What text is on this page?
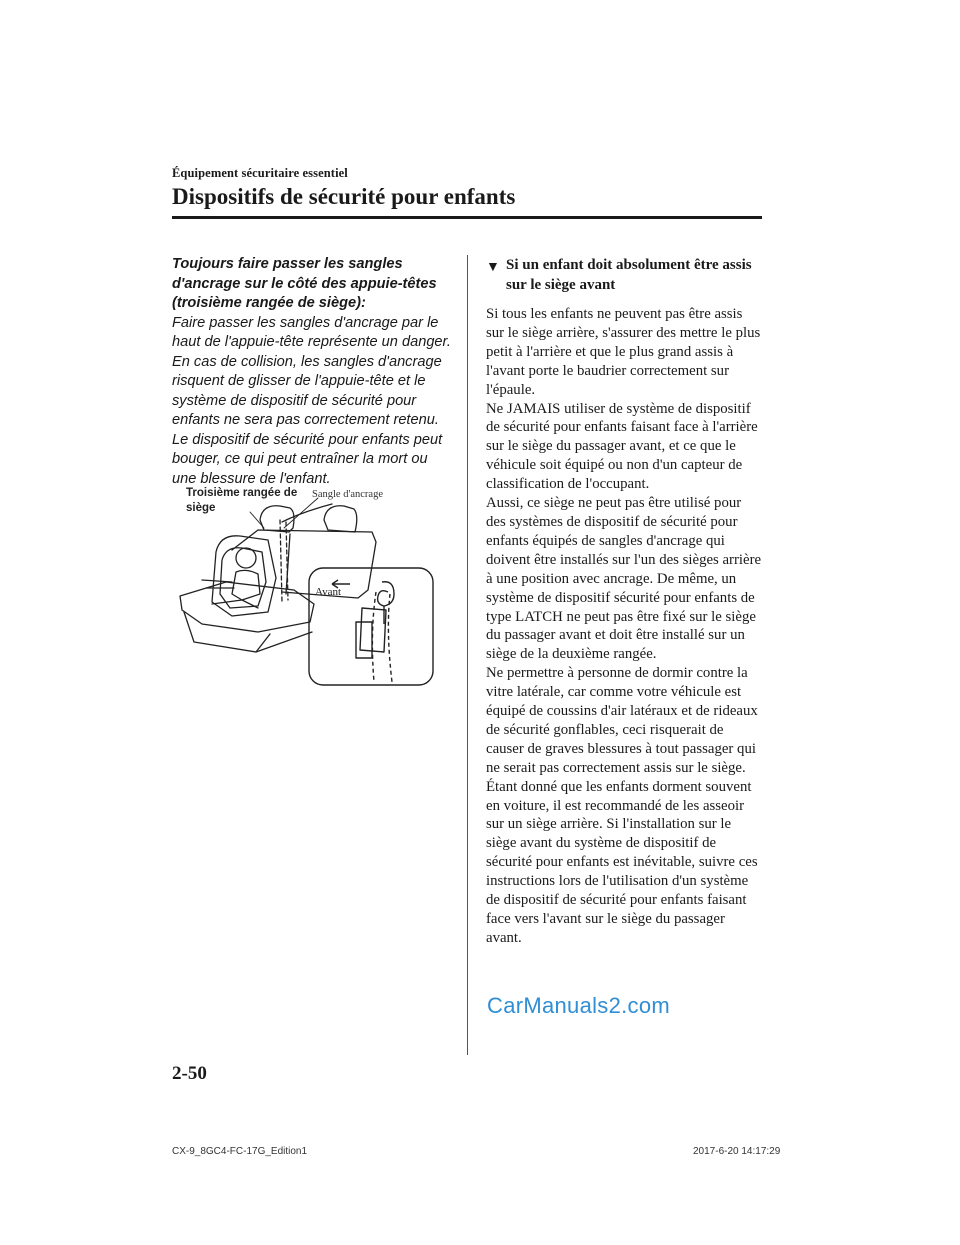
Équipement sécuritaire essentiel
Dispositifs de sécurité pour enfants

Toujours faire passer les sangles d'ancrage sur le côté des appuie-têtes (troisième rangée de siège):

Faire passer les sangles d'ancrage par le haut de l'appuie-tête représente un danger. En cas de collision, les sangles d'ancrage risquent de glisser de l'appuie-tête et le système de dispositif de sécurité pour enfants ne sera pas correctement retenu. Le dispositif de sécurité pour enfants peut bouger, ce qui peut entraîner la mort ou une blessure de l'enfant.

Troisième rangée de siège
Sangle d'ancrage
Avant
▼ Si un enfant doit absolument être assis sur le siège avant

Si tous les enfants ne peuvent pas être assis sur le siège arrière, s'assurer des mettre le plus petit à l'arrière et que le plus grand assis à l'avant porte le baudrier correctement sur l'épaule.
Ne JAMAIS utiliser de système de dispositif de sécurité pour enfants faisant face à l'arrière sur le siège du passager avant, et ce que le véhicule soit équipé ou non d'un capteur de classification de l'occupant.
Aussi, ce siège ne peut pas être utilisé pour des systèmes de dispositif de sécurité pour enfants équipés de sangles d'ancrage qui doivent être installés sur l'un des sièges arrière à une position avec ancrage. De même, un système de dispositif sécurité pour enfants de type LATCH ne peut pas être fixé sur le siège du passager avant et doit être installé sur un siège de la deuxième rangée.
Ne permettre à personne de dormir contre la vitre latérale, car comme votre véhicule est équipé de coussins d'air latéraux et de rideaux de sécurité gonflables, ceci risquerait de causer de graves blessures à tout passager qui ne serait pas correctement assis sur le siège. Étant donné que les enfants dorment souvent en voiture, il est recommandé de les asseoir sur un siège arrière. Si l'installation sur le siège avant du système de dispositif de sécurité pour enfants est inévitable, suivre ces instructions lors de l'utilisation d'un système de dispositif de sécurité pour enfants faisant face vers l'avant sur le siège du passager avant.

CarManuals2.com
2-50
CX-9_8GC4-FC-17G_Edition1	2017-6-20 14:17:29
